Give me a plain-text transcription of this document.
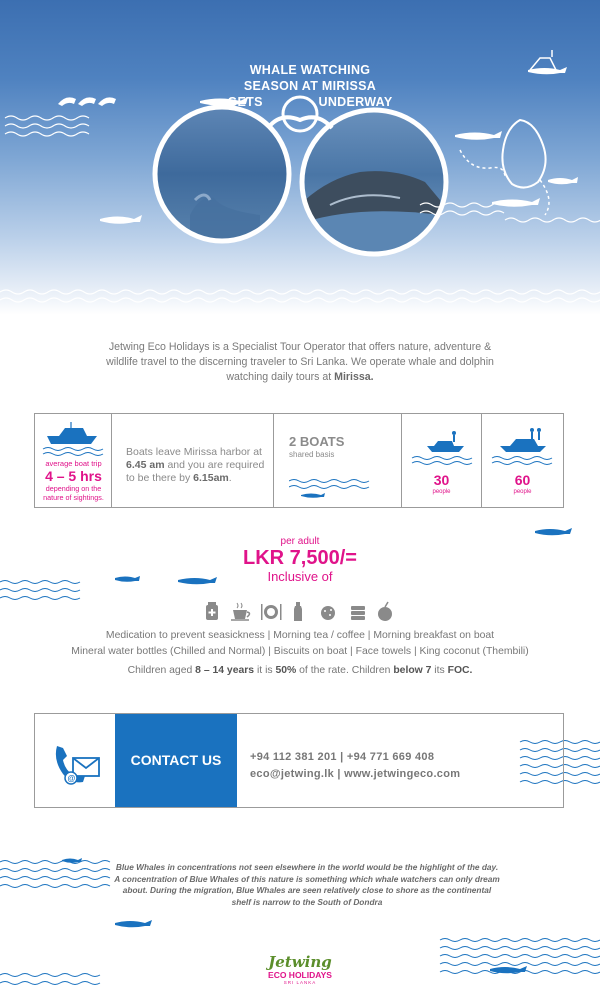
WHALE WATCHING
SEASON AT MIRISSA
GETS	UNDERWAY

Jetwing Eco Holidays is a Specialist Tour Operator that offers nature, adventure & wildlife travel to the discerning traveler to Sri Lanka. We operate whale and dolphin watching daily tours at Mirissa.

average boat trip
4 – 5 hrs
depending on the nature of sightings.
Boats leave Mirissa harbor at 6.45 am and you are required to be there by 6.15am.
2 BOATS
shared basis
30
people
60
people
per adult
LKR 7,500/=
Inclusive of
Medication to prevent seasickness | Morning tea / coffee | Morning breakfast on boat
Mineral water bottles (Chilled and Normal) | Biscuits on boat | Face towels | King coconut (Thembili)
Children aged 8 – 14 years it is 50% of the rate. Children below 7 its FOC.
@
CONTACT US	+94 112 381 201 | +94 771 669 408
eco@jetwing.lk | www.jetwingeco.com

Blue Whales in concentrations not seen elsewhere in the world would be the highlight of the day. A concentration of Blue Whales of this nature is something which whale watchers can only dream about. During the migration, Blue Whales are seen relatively close to shore as the continental shelf is narrow to the South of Dondra

Jetwing
ECO HOLIDAYS
SRI LANKA
